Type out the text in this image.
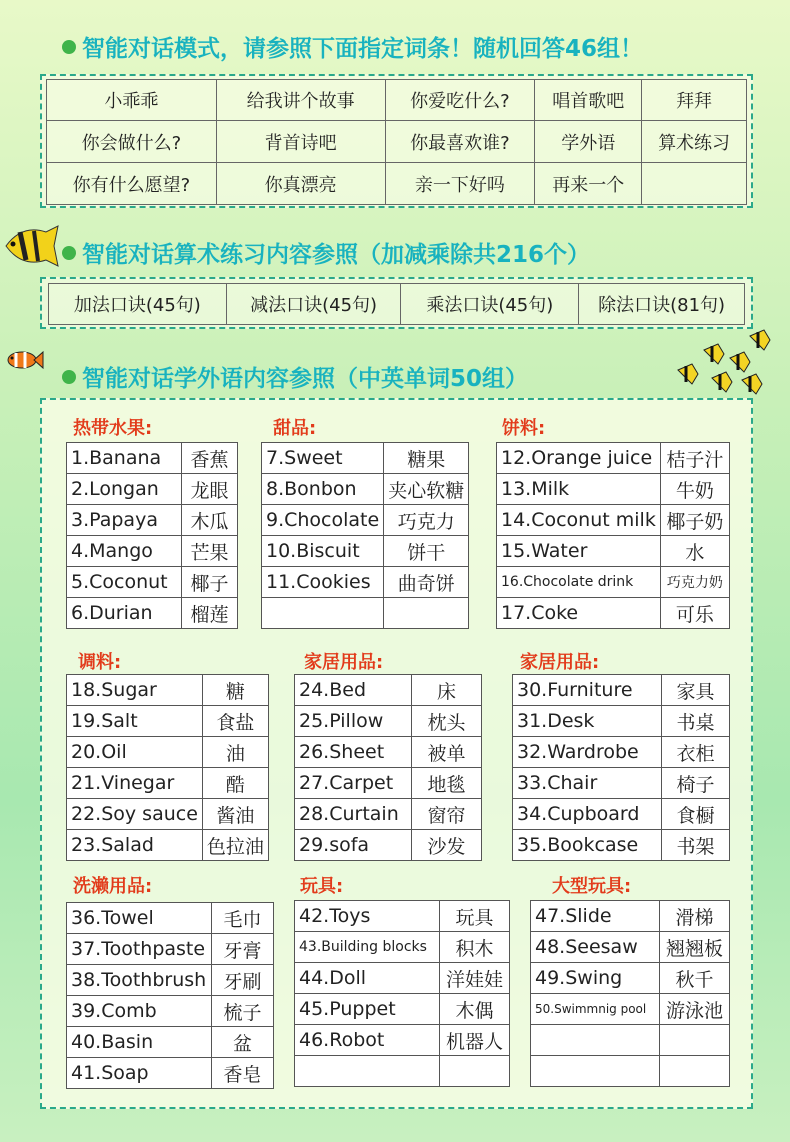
智能对话模式，请参照下面指定词条！随机回答46组！
小乖乖	给我讲个故事	你爱吃什么?	唱首歌吧	拜拜
你会做什么?	背首诗吧	你最喜欢谁?	学外语	算术练习
你有什么愿望?	你真漂亮	亲一下好吗	再来一个	
智能对话算术练习内容参照（加减乘除共216个）
加法口诀(45句)	减法口诀(45句)	乘法口诀(45句)	除法口诀(81句)
智能对话学外语内容参照（中英单词50组）
热带水果:
1.Banana	香蕉
2.Longan	龙眼
3.Papaya	木瓜
4.Mango	芒果
5.Coconut	椰子
6.Durian	榴莲
甜品:
7.Sweet	糖果
8.Bonbon	夹心软糖
9.Chocolate	巧克力
10.Biscuit	饼干
11.Cookies	曲奇饼

饼料:
12.Orange juice	桔子汁
13.Milk	牛奶
14.Coconut milk	椰子奶
15.Water	水
16.Chocolate drink	巧克力奶
17.Coke	可乐
调料:
18.Sugar	糖
19.Salt	食盐
20.Oil	油
21.Vinegar	酷
22.Soy sauce	酱油
23.Salad	色拉油
家居用品:
24.Bed	床
25.Pillow	枕头
26.Sheet	被单
27.Carpet	地毯
28.Curtain	窗帘
29.sofa	沙发
家居用品:
30.Furniture	家具
31.Desk	书桌
32.Wardrobe	衣柜
33.Chair	椅子
34.Cupboard	食橱
35.Bookcase	书架
洗濑用品:
36.Towel	毛巾
37.Toothpaste	牙膏
38.Toothbrush	牙刷
39.Comb	梳子
40.Basin	盆
41.Soap	香皂
玩具:
42.Toys	玩具
43.Building blocks	积木
44.Doll	洋娃娃
45.Puppet	木偶
46.Robot	机器人

大型玩具:
47.Slide	滑梯
48.Seesaw	翘翘板
49.Swing	秋千
50.Swimmnig pool	游泳池
